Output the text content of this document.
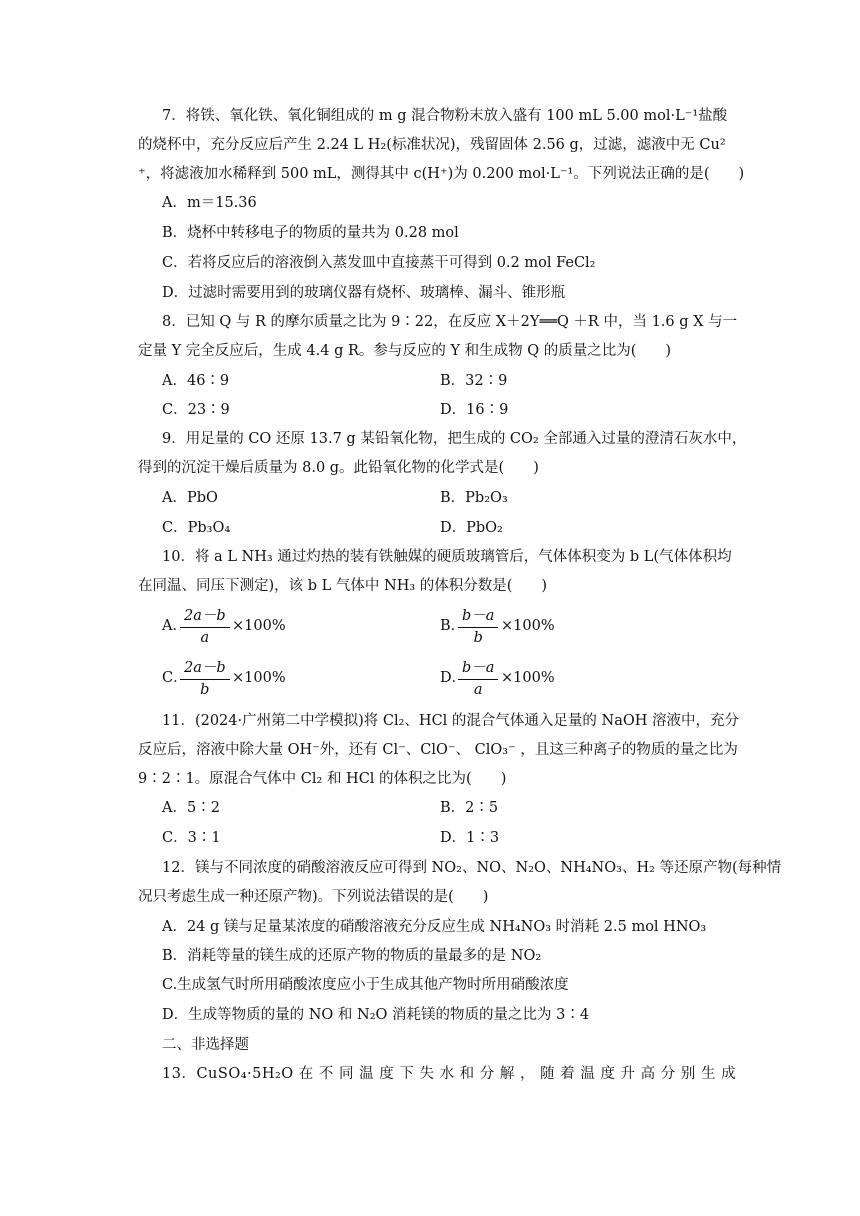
7．将铁、氧化铁、氧化铜组成的 m g 混合物粉末放入盛有 100 mL 5.00 mol·L⁻¹盐酸
的烧杯中，充分反应后产生 2.24 L H₂(标准状况)，残留固体 2.56 g，过滤，滤液中无 Cu²
⁺，将滤液加水稀释到 500 mL，测得其中 c(H⁺)为 0.200 mol·L⁻¹。下列说法正确的是(　　)
A．m＝15.36
B．烧杯中转移电子的物质的量共为 0.28 mol
C．若将反应后的溶液倒入蒸发皿中直接蒸干可得到 0.2 mol FeCl₂
D．过滤时需要用到的玻璃仪器有烧杯、玻璃棒、漏斗、锥形瓶
8．已知 Q 与 R 的摩尔质量之比为 9∶22，在反应 X＋2Y══Q ＋R 中，当 1.6 g X 与一
定量 Y 完全反应后，生成 4.4 g R。参与反应的 Y 和生成物 Q 的质量之比为(　　)
A．46∶9	B．32∶9
C．23∶9	D．16∶9
9．用足量的 CO 还原 13.7 g 某铅氧化物，把生成的 CO₂ 全部通入过量的澄清石灰水中，
得到的沉淀干燥后质量为 8.0 g。此铅氧化物的化学式是(　　)
A．PbO	B．Pb₂O₃
C．Pb₃O₄	D．PbO₂
10．将 a L NH₃ 通过灼热的装有铁触媒的硬质玻璃管后，气体体积变为 b L(气体体积均
在同温、同压下测定)，该 b L 气体中 NH₃ 的体积分数是(　　)
A．
2a－b
a
×100%	B．
b－a
b
×100%
C．
2a－b
b
×100%	D．
b－a
a
×100%
11．(2024·广州第二中学模拟)将 Cl₂、HCl 的混合气体通入足量的 NaOH 溶液中，充分
反应后，溶液中除大量 OH⁻外，还有 Cl⁻、ClO⁻、 ClO₃⁻ ，且这三种离子的物质的量之比为
9∶2∶1。原混合气体中 Cl₂ 和 HCl 的体积之比为(　　)
A．5∶2	B．2∶5
C．3∶1	D．1∶3
12．镁与不同浓度的硝酸溶液反应可得到 NO₂、NO、N₂O、NH₄NO₃、H₂ 等还原产物(每种情
况只考虑生成一种还原产物)。下列说法错误的是(　　)
A．24 g 镁与足量某浓度的硝酸溶液充分反应生成 NH₄NO₃ 时消耗 2.5 mol HNO₃
B．消耗等量的镁生成的还原产物的物质的量最多的是 NO₂
C.生成氢气时所用硝酸浓度应小于生成其他产物时所用硝酸浓度
D．生成等物质的量的 NO 和 N₂O 消耗镁的物质的量之比为 3∶4
二、非选择题
13．CuSO₄·5H₂O 在 不 同 温 度 下 失 水 和 分 解 ， 随 着 温 度 升 高 分 别 生 成
